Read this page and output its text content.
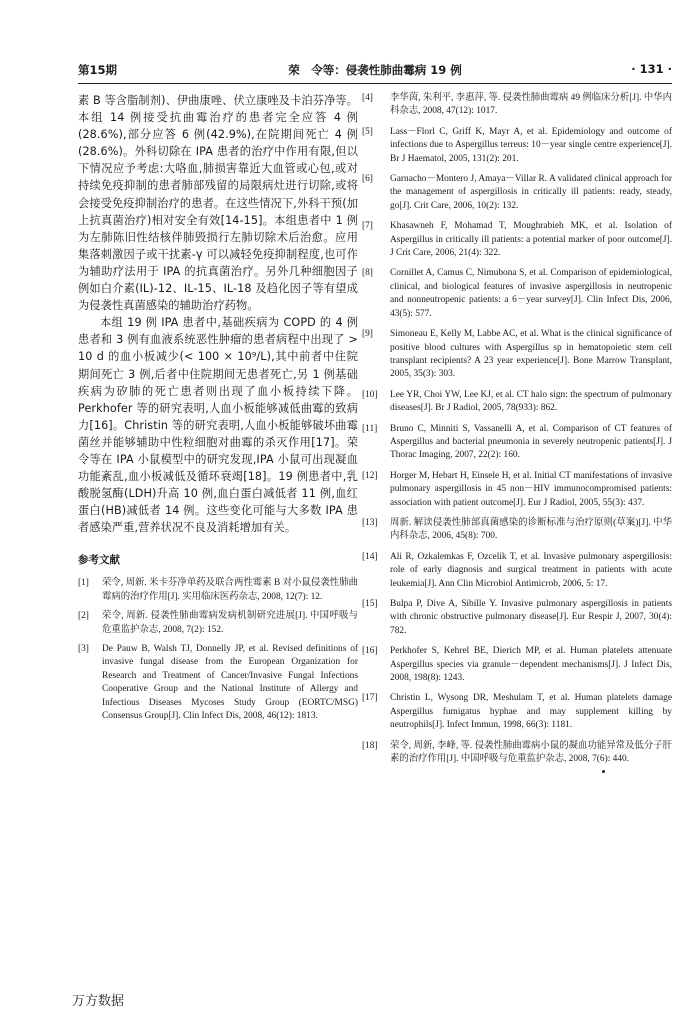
第15期	荣　令等：侵袭性肺曲霉病 19 例	· 131 ·

素 B 等含脂制剂)、伊曲康唑、伏立康唑及卡泊芬净等。本组 14 例接受抗曲霉治疗的患者完全应答 4 例(28.6%),部分应答 6 例(42.9%),在院期间死亡 4 例(28.6%)。外科切除在 IPA 患者的治疗中作用有限,但以下情况应予考虑:大咯血,肺损害靠近大血管或心包,或对持续免疫抑制的患者肺部残留的局限病灶进行切除,或将会接受免疫抑制治疗的患者。在这些情况下,外科干预(加上抗真菌治疗)相对安全有效[14-15]。本组患者中 1 例为左肺陈旧性结核伴肺毁损行左肺切除术后治愈。应用集落刺激因子或干扰素-γ 可以减轻免疫抑制程度,也可作为辅助疗法用于 IPA 的抗真菌治疗。另外几种细胞因子例如白介素(IL)-12、IL-15、IL-18 及趋化因子等有望成为侵袭性真菌感染的辅助治疗药物。

本组 19 例 IPA 患者中,基础疾病为 COPD 的 4 例患者和 3 例有血液系统恶性肿瘤的患者病程中出现了 > 10 d 的血小板减少(< 100 × 10⁹/L),其中前者中住院期间死亡 3 例,后者中住院期间无患者死亡,另 1 例基础疾病为矽肺的死亡患者则出现了血小板持续下降。Perkhofer 等的研究表明,人血小板能够减低曲霉的致病力[16]。Christin 等的研究表明,人血小板能够破坏曲霉菌丝并能够辅助中性粒细胞对曲霉的杀灭作用[17]。荣令等在 IPA 小鼠模型中的研究发现,IPA 小鼠可出现凝血功能紊乱,血小板减低及循环衰竭[18]。19 例患者中,乳酸脱氢酶(LDH)升高 10 例,血白蛋白减低者 11 例,血红蛋白(HB)减低者 14 例。这些变化可能与大多数 IPA 患者感染严重,营养状况不良及消耗增加有关。

参考文献
[1]	荣令, 周新. 米卡芬净单药及联合两性霉素 B 对小鼠侵袭性肺曲霉病的治疗作用[J]. 实用临床医药杂志, 2008, 12(7): 12.
[2]	荣令, 周新. 侵袭性肺曲霉病发病机制研究进展[J]. 中国呼吸与危重监护杂志, 2008, 7(2): 152.
[3]	De Pauw B, Walsh TJ, Donnelly JP, et al. Revised definitions of invasive fungal disease from the European Organization for Research and Treatment of Cancer/Invasive Fungal Infections Cooperative Group and the National Institute of Allergy and Infectious Diseases Mycoses Study Group (EORTC/MSG) Consensus Group[J]. Clin Infect Dis, 2008, 46(12): 1813.
[4]	李华茵, 朱利平, 李惠萍, 等. 侵袭性肺曲霉病 49 例临床分析[J]. 中华内科杂志, 2008, 47(12): 1017.
[5]	Lass－Florl C, Griff K, Mayr A, et al. Epidemiology and outcome of infections due to Aspergillus terreus: 10－year single centre experience[J]. Br J Haematol, 2005, 131(2): 201.
[6]	Garnacho－Montero J, Amaya－Villar R. A validated clinical approach for the management of aspergillosis in critically ill patients: ready, steady, go[J]. Crit Care, 2006, 10(2): 132.
[7]	Khasawneh F, Mohamad T, Moughrabieh MK, et al. Isolation of Aspergillus in critically ill patients: a potential marker of poor outcome[J]. J Crit Care, 2006, 21(4): 322.
[8]	Cornillet A, Camus C, Nimubona S, et al. Comparison of epidemiological, clinical, and biological features of invasive aspergillosis in neutropenic and nonneutropenic patients: a 6－year survey[J]. Clin Infect Dis, 2006, 43(5): 577.
[9]	Simoneau E, Kelly M, Labbe AC, et al. What is the clinical significance of positive blood cultures with Aspergillus sp in hematopoietic stem cell transplant recipients? A 23 year experience[J]. Bone Marrow Transplant, 2005, 35(3): 303.
[10]	Lee YR, Choi YW, Lee KJ, et al. CT halo sign: the spectrum of pulmonary diseases[J]. Br J Radiol, 2005, 78(933): 862.
[11]	Bruno C, Minniti S, Vassanelli A, et al. Comparison of CT features of Aspergillus and bacterial pneumonia in severely neutropenic patients[J]. J Thorac Imaging, 2007, 22(2): 160.
[12]	Horger M, Hebart H, Einsele H, et al. Initial CT manifestations of invasive pulmonary aspergillosis in 45 non－HIV immunocompromised patients: association with patient outcome[J]. Eur J Radiol, 2005, 55(3): 437.
[13]	周新. 解读侵袭性肺部真菌感染的诊断标准与治疗原则(草案)[J]. 中华内科杂志, 2006, 45(8): 700.
[14]	Ali R, Ozkalemkas F, Ozcelik T, et al. Invasive pulmonary aspergillosis: role of early diagnosis and surgical treatment in patients with acute leukemia[J]. Ann Clin Microbiol Antimicrob, 2006, 5: 17.
[15]	Bulpa P, Dive A, Sibille Y. Invasive pulmonary aspergillosis in patients with chronic obstructive pulmonary disease[J]. Eur Respir J, 2007, 30(4): 782.
[16]	Perkhofer S, Kehrel BE, Dierich MP, et al. Human platelets attenuate Aspergillus species via granule－dependent mechanisms[J]. J Infect Dis, 2008, 198(8): 1243.
[17]	Christin L, Wysong DR, Meshulam T, et al. Human platelets damage Aspergillus fumigatus hyphae and may supplement killing by neutrophils[J]. Infect Immun, 1998, 66(3): 1181.
[18]	荣令, 周新, 李峰, 等. 侵袭性肺曲霉病小鼠的凝血功能异常及低分子肝素的治疗作用[J]. 中国呼吸与危重监护杂志, 2008, 7(6): 440.
万方数据
